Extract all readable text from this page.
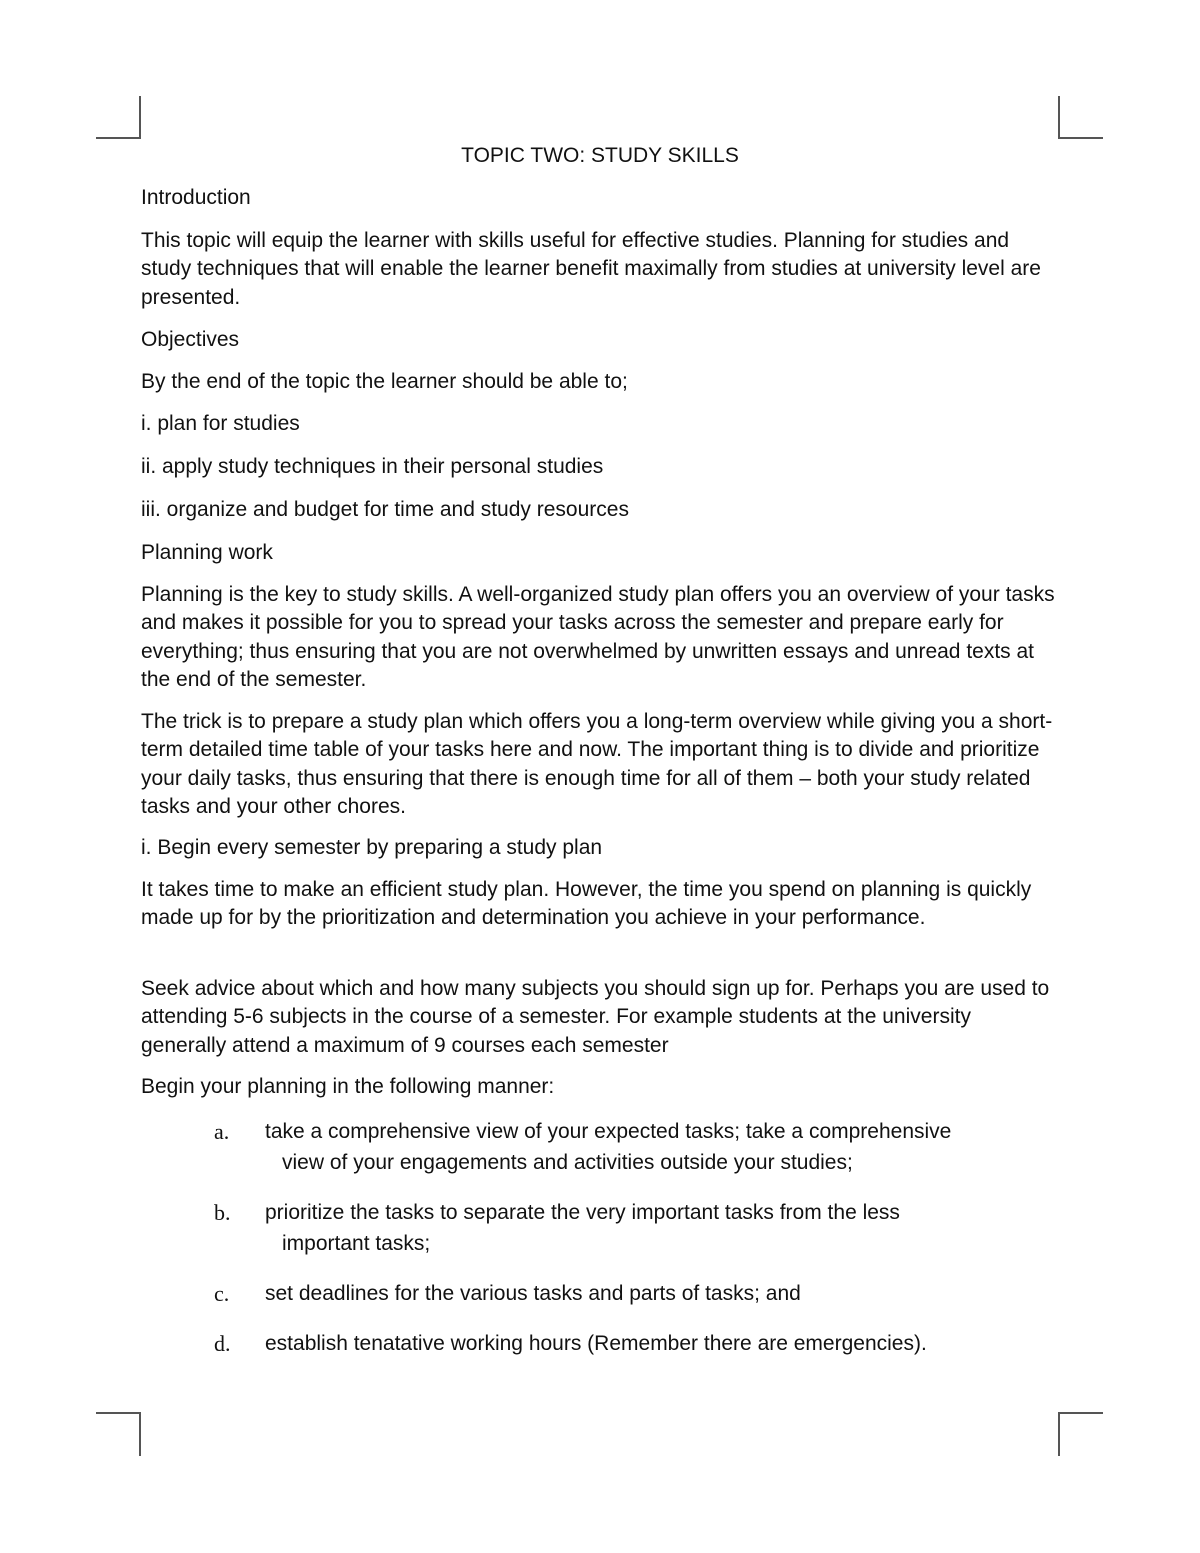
TOPIC TWO: STUDY SKILLS
Introduction
This topic will equip the learner with skills useful for effective studies. Planning for studies and study techniques that will enable the learner benefit maximally from studies at university level are presented.
Objectives
By the end of the topic the learner should be able to;
i. plan for studies
ii. apply study techniques in their personal studies
iii. organize and budget for time and study resources
Planning work
Planning is the key to study skills. A well-organized study plan offers you an overview of your tasks and makes it possible for you to spread your tasks across the semester and prepare early for everything; thus ensuring that you are not overwhelmed by unwritten essays and unread texts at the end of the semester.
The trick is to prepare a study plan which offers you a long-term overview while giving you a short-term detailed time table of your tasks here and now. The important thing is to divide and prioritize your daily tasks, thus ensuring that there is enough time for all of them – both your study related tasks and your other chores.
i. Begin every semester by preparing a study plan
It takes time to make an efficient study plan. However, the time you spend on planning is quickly made up for by the prioritization and determination you achieve in your performance.
Seek advice about which and how many subjects you should sign up for. Perhaps you are used to attending 5-6 subjects in the course of a semester. For example students at the university generally attend a maximum of 9 courses each semester
Begin your planning in the following manner:
a. take a comprehensive view of your expected tasks; take a comprehensive
view of your engagements and activities outside your studies;
b. prioritize the tasks to separate the very important tasks from the less
important tasks;
c. set deadlines for the various tasks and parts of tasks; and
d. establish tenatative working hours (Remember there are emergencies).
